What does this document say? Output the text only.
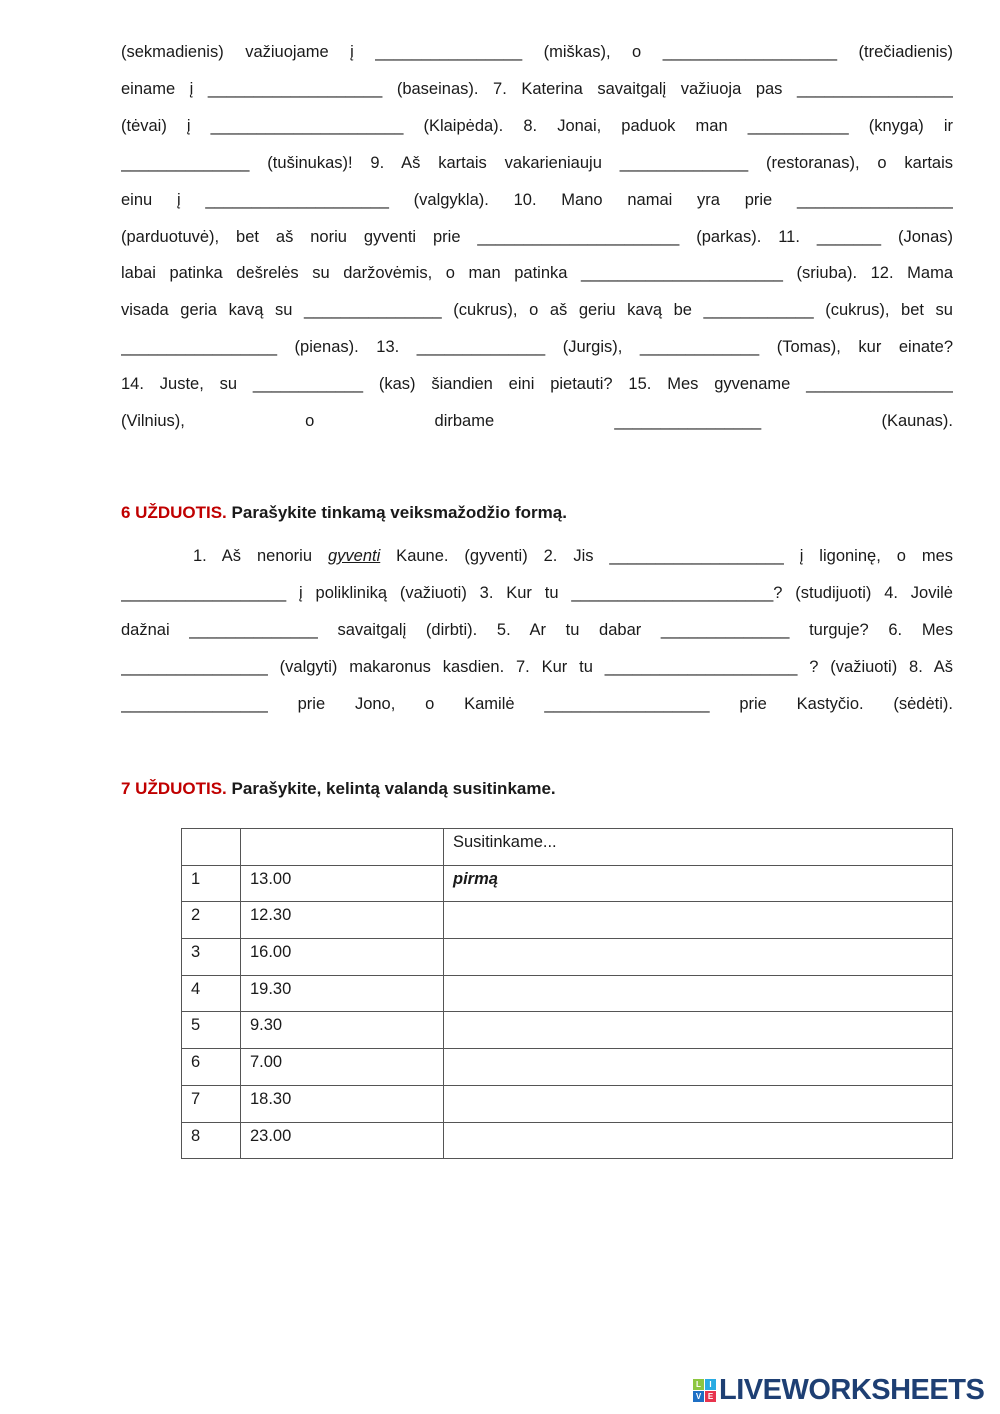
(sekmadienis) važiuojame į ________________ (miškas), o ___________________ (trečiadienis)
einame į ___________________ (baseinas). 7. Katerina savaitgalį važiuoja pas _________________
(tėvai) į _____________________ (Klaipėda). 8. Jonai, paduok man ___________ (knyga) ir
______________ (tušinukas)! 9. Aš kartais vakarieniauju ______________ (restoranas), o kartais
einu į ____________________ (valgykla). 10. Mano namai yra prie _________________
(parduotuvė), bet aš noriu gyventi prie ______________________ (parkas). 11. _______ (Jonas)
labai patinka dešrelės su daržovėmis, o man patinka ______________________ (sriuba). 12. Mama
visada geria kavą su _______________ (cukrus), o aš geriu kavą be ____________ (cukrus), bet su
_________________ (pienas). 13. ______________ (Jurgis), _____________ (Tomas), kur einate?
14. Juste, su ____________ (kas) šiandien eini pietauti? 15. Mes gyvename ________________
(Vilnius), o dirbame ________________ (Kaunas).
6 UŽDUOTIS. Parašykite tinkamą veiksmažodžio formą.
1. Aš nenoriu gyventi Kaune. (gyventi) 2. Jis ___________________ į ligoninę, o mes
__________________ į polikliniką (važiuoti) 3. Kur tu ______________________? (studijuoti) 4. Jovilė
dažnai ______________ savaitgalį (dirbti). 5. Ar tu dabar ______________ turguje? 6. Mes
________________ (valgyti) makaronus kasdien. 7. Kur tu _____________________ ? (važiuoti) 8. Aš
________________ prie Jono, o Kamilė __________________ prie Kastyčio. (sėdėti).
7 UŽDUOTIS. Parašykite, kelintą valandą susitinkame.
		Susitinkame...
1	13.00	pirmą
2	12.30	
3	16.00	
4	19.30	
5	9.30	
6	7.00	
7	18.30	
8	23.00	
L	I
V E LIVEWORKSHEETS
